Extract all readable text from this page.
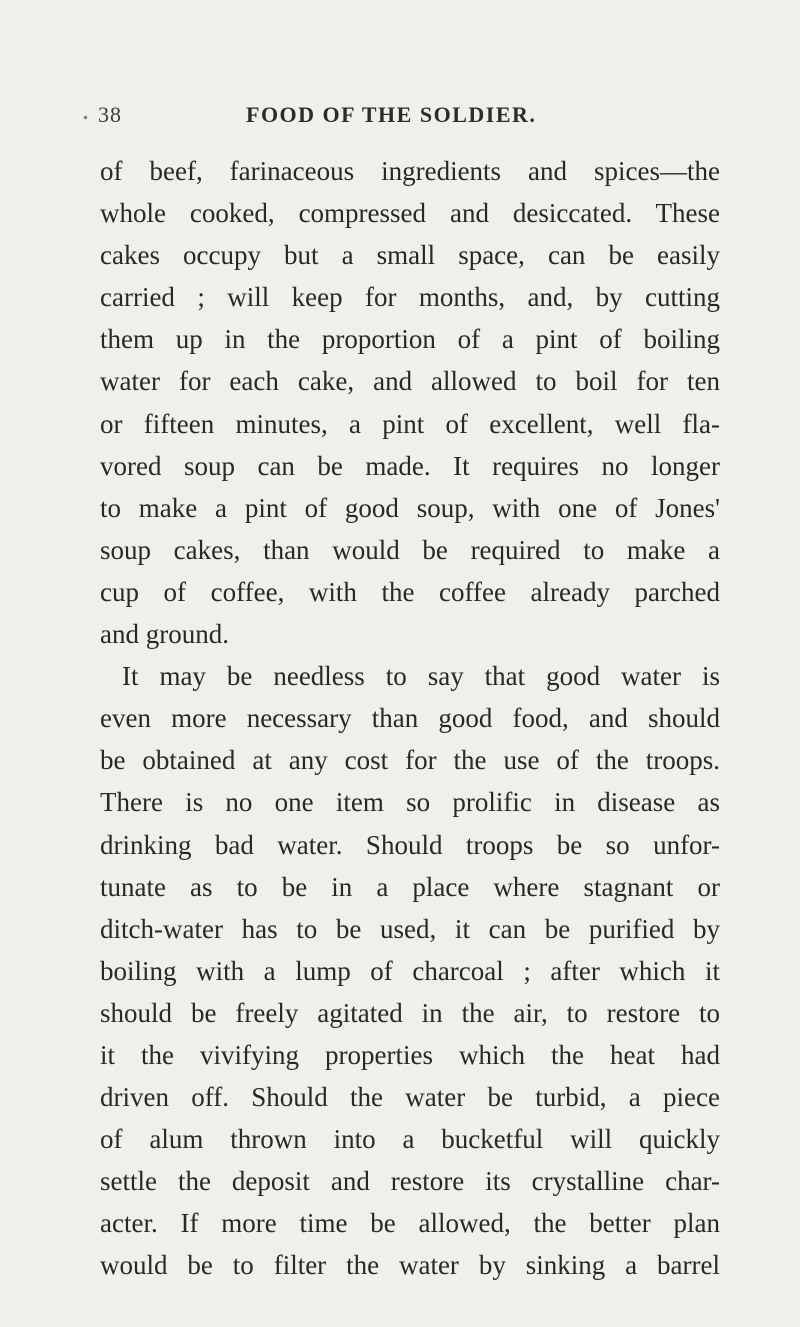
38	FOOD OF THE SOLDIER.
of beef, farinaceous ingredients and spices—the
whole cooked, compressed and desiccated. These
cakes occupy but a small space, can be easily
carried ; will keep for months, and, by cutting
them up in the proportion of a pint of boiling
water for each cake, and allowed to boil for ten
or fifteen minutes, a pint of excellent, well fla-
vored soup can be made. It requires no longer
to make a pint of good soup, with one of Jones'
soup cakes, than would be required to make a
cup of coffee, with the coffee already parched
and ground.
It may be needless to say that good water is
even more necessary than good food, and should
be obtained at any cost for the use of the troops.
There is no one item so prolific in disease as
drinking bad water. Should troops be so unfor-
tunate as to be in a place where stagnant or
ditch-water has to be used, it can be purified by
boiling with a lump of charcoal ; after which it
should be freely agitated in the air, to restore to
it the vivifying properties which the heat had
driven off. Should the water be turbid, a piece
of alum thrown into a bucketful will quickly
settle the deposit and restore its crystalline char-
acter. If more time be allowed, the better plan
would be to filter the water by sinking a barrel
